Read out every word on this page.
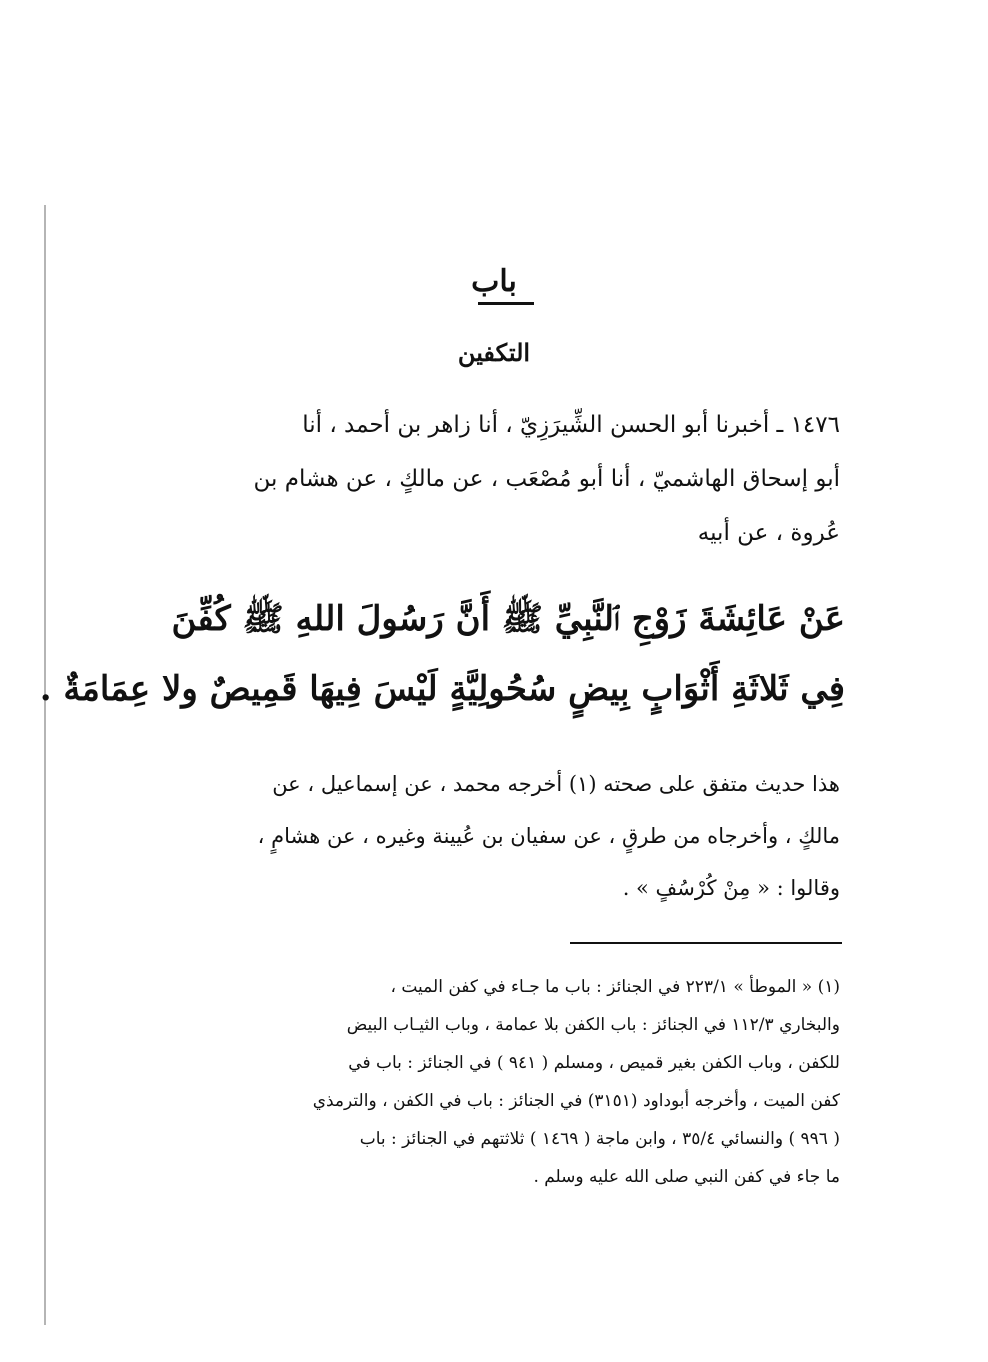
باب
التكفين
١٤٧٦ ـ أخبرنا أبو الحسن الشِّيرَزِيّ ، أنا زاهر بن أحمد ، أنا
أبو إسحاق الهاشميّ ، أنا أبو مُصْعَب ، عن مالكٍ ، عن هشام بن
عُروة ، عن أبيه
عَنْ عَائِشَةَ زَوْجِ ٱلنَّبِيِّ ﷺ أَنَّ رَسُولَ اللهِ ﷺ كُفِّنَ
فِي ثَلاثَةِ أَثْوَابٍ بِيضٍ سُحُولِيَّةٍ لَيْسَ فِيهَا قَمِيصٌ ولا عِمَامَةٌ .
هذا حديث متفق على صحته (١) أخرجه محمد ، عن إسماعيل ، عن
مالكٍ ، وأخرجاه من طرقٍ ، عن سفيان بن عُيينة وغيره ، عن هشامٍ ،
وقالوا : « مِنْ كُرْسُفٍ » .
(١) « الموطأ » ٢٢٣/١ في الجنائز : باب ما جـاء في كفن الميت ،
والبخاري ١١٢/٣ في الجنائز : باب الكفن بلا عمامة ، وباب الثيـاب البيض
للكفن ، وباب الكفن بغير قميص ، ومسلم ( ٩٤١ ) في الجنائز : باب في
كفن الميت ، وأخرجه أبوداود (٣١٥١) في الجنائز : باب في الكفن ، والترمذي
( ٩٩٦ ) والنسائي ٣٥/٤ ، وابن ماجة ( ١٤٦٩ ) ثلاثتهم في الجنائز : باب
ما جاء في كفن النبي صلى الله عليه وسلم .
